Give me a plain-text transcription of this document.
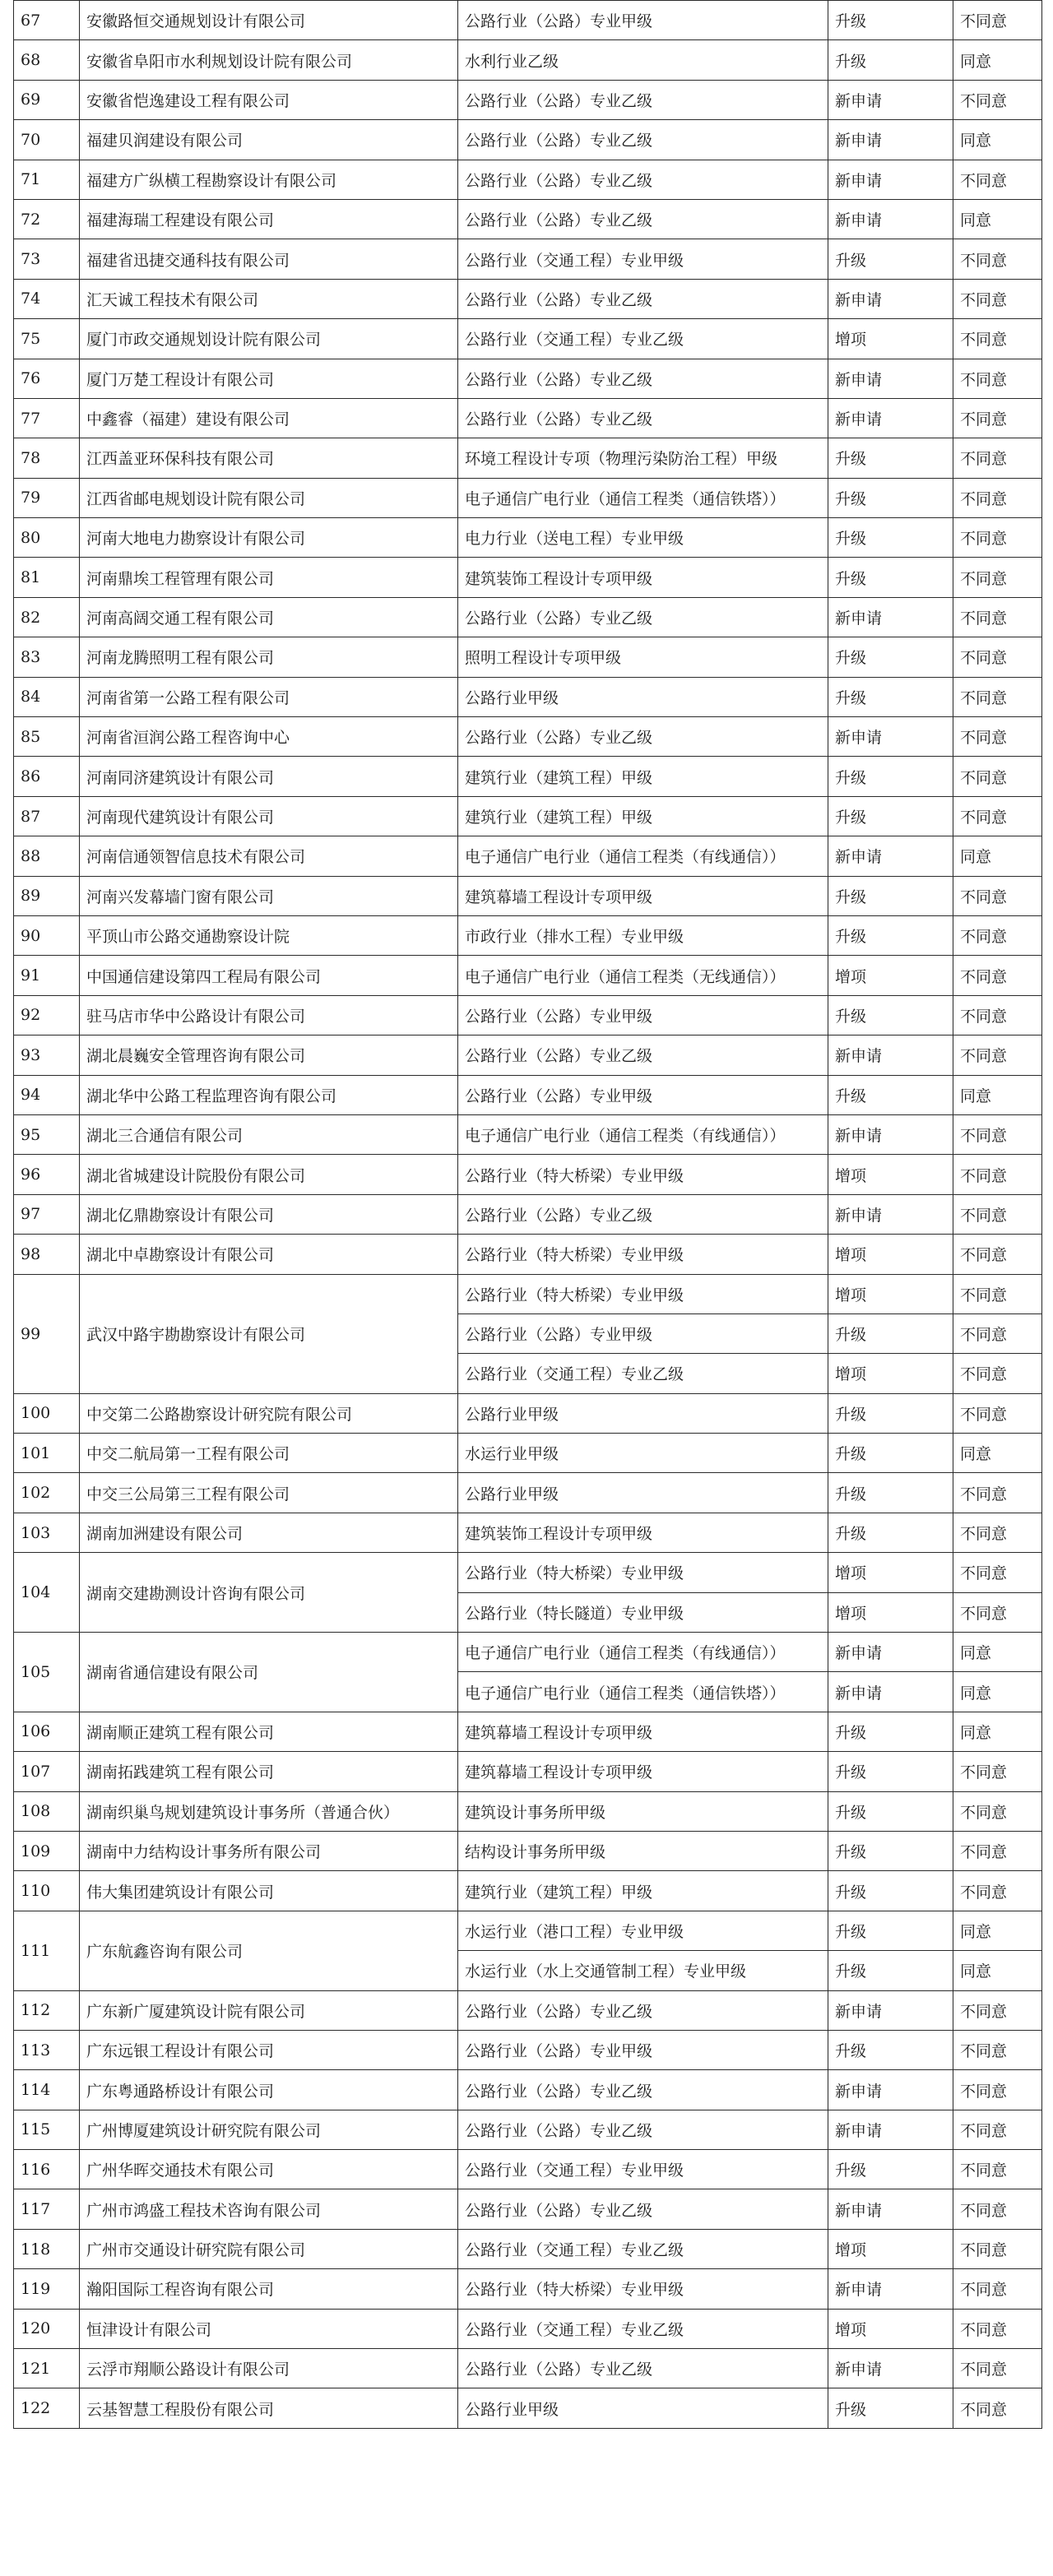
67	安徽路恒交通规划设计有限公司	公路行业（公路）专业甲级	升级	不同意
68	安徽省阜阳市水利规划设计院有限公司	水利行业乙级	升级	同意
69	安徽省恺逸建设工程有限公司	公路行业（公路）专业乙级	新申请	不同意
70	福建贝润建设有限公司	公路行业（公路）专业乙级	新申请	同意
71	福建方广纵横工程勘察设计有限公司	公路行业（公路）专业乙级	新申请	不同意
72	福建海瑞工程建设有限公司	公路行业（公路）专业乙级	新申请	同意
73	福建省迅捷交通科技有限公司	公路行业（交通工程）专业甲级	升级	不同意
74	汇天诚工程技术有限公司	公路行业（公路）专业乙级	新申请	不同意
75	厦门市政交通规划设计院有限公司	公路行业（交通工程）专业乙级	增项	不同意
76	厦门万楚工程设计有限公司	公路行业（公路）专业乙级	新申请	不同意
77	中鑫睿（福建）建设有限公司	公路行业（公路）专业乙级	新申请	不同意
78	江西盖亚环保科技有限公司	环境工程设计专项（物理污染防治工程）甲级	升级	不同意
79	江西省邮电规划设计院有限公司	电子通信广电行业（通信工程类（通信铁塔））	升级	不同意
80	河南大地电力勘察设计有限公司	电力行业（送电工程）专业甲级	升级	不同意
81	河南鼎埃工程管理有限公司	建筑装饰工程设计专项甲级	升级	不同意
82	河南高阔交通工程有限公司	公路行业（公路）专业乙级	新申请	不同意
83	河南龙腾照明工程有限公司	照明工程设计专项甲级	升级	不同意
84	河南省第一公路工程有限公司	公路行业甲级	升级	不同意
85	河南省洹润公路工程咨询中心	公路行业（公路）专业乙级	新申请	不同意
86	河南同济建筑设计有限公司	建筑行业（建筑工程）甲级	升级	不同意
87	河南现代建筑设计有限公司	建筑行业（建筑工程）甲级	升级	不同意
88	河南信通领智信息技术有限公司	电子通信广电行业（通信工程类（有线通信））	新申请	同意
89	河南兴发幕墙门窗有限公司	建筑幕墙工程设计专项甲级	升级	不同意
90	平顶山市公路交通勘察设计院	市政行业（排水工程）专业甲级	升级	不同意
91	中国通信建设第四工程局有限公司	电子通信广电行业（通信工程类（无线通信））	增项	不同意
92	驻马店市华中公路设计有限公司	公路行业（公路）专业甲级	升级	不同意
93	湖北晨巍安全管理咨询有限公司	公路行业（公路）专业乙级	新申请	不同意
94	湖北华中公路工程监理咨询有限公司	公路行业（公路）专业甲级	升级	同意
95	湖北三合通信有限公司	电子通信广电行业（通信工程类（有线通信））	新申请	不同意
96	湖北省城建设计院股份有限公司	公路行业（特大桥梁）专业甲级	增项	不同意
97	湖北亿鼎勘察设计有限公司	公路行业（公路）专业乙级	新申请	不同意
98	湖北中卓勘察设计有限公司	公路行业（特大桥梁）专业甲级	增项	不同意
99	武汉中路宇勘勘察设计有限公司	公路行业（特大桥梁）专业甲级	增项	不同意
		公路行业（公路）专业甲级	升级	不同意
		公路行业（交通工程）专业乙级	增项	不同意
100	中交第二公路勘察设计研究院有限公司	公路行业甲级	升级	不同意
101	中交二航局第一工程有限公司	水运行业甲级	升级	同意
102	中交三公局第三工程有限公司	公路行业甲级	升级	不同意
103	湖南加洲建设有限公司	建筑装饰工程设计专项甲级	升级	不同意
104	湖南交建勘测设计咨询有限公司	公路行业（特大桥梁）专业甲级	增项	不同意
		公路行业（特长隧道）专业甲级	增项	不同意
105	湖南省通信建设有限公司	电子通信广电行业（通信工程类（有线通信））	新申请	同意
		电子通信广电行业（通信工程类（通信铁塔））	新申请	同意
106	湖南顺正建筑工程有限公司	建筑幕墙工程设计专项甲级	升级	同意
107	湖南拓践建筑工程有限公司	建筑幕墙工程设计专项甲级	升级	不同意
108	湖南织巢鸟规划建筑设计事务所（普通合伙）	建筑设计事务所甲级	升级	不同意
109	湖南中力结构设计事务所有限公司	结构设计事务所甲级	升级	不同意
110	伟大集团建筑设计有限公司	建筑行业（建筑工程）甲级	升级	不同意
111	广东航鑫咨询有限公司	水运行业（港口工程）专业甲级	升级	同意
		水运行业（水上交通管制工程）专业甲级	升级	同意
112	广东新广厦建筑设计院有限公司	公路行业（公路）专业乙级	新申请	不同意
113	广东远银工程设计有限公司	公路行业（公路）专业甲级	升级	不同意
114	广东粤通路桥设计有限公司	公路行业（公路）专业乙级	新申请	不同意
115	广州博厦建筑设计研究院有限公司	公路行业（公路）专业乙级	新申请	不同意
116	广州华晖交通技术有限公司	公路行业（交通工程）专业甲级	升级	不同意
117	广州市鸿盛工程技术咨询有限公司	公路行业（公路）专业乙级	新申请	不同意
118	广州市交通设计研究院有限公司	公路行业（交通工程）专业乙级	增项	不同意
119	瀚阳国际工程咨询有限公司	公路行业（特大桥梁）专业甲级	新申请	不同意
120	恒津设计有限公司	公路行业（交通工程）专业乙级	增项	不同意
121	云浮市翔顺公路设计有限公司	公路行业（公路）专业乙级	新申请	不同意
122	云基智慧工程股份有限公司	公路行业甲级	升级	不同意
